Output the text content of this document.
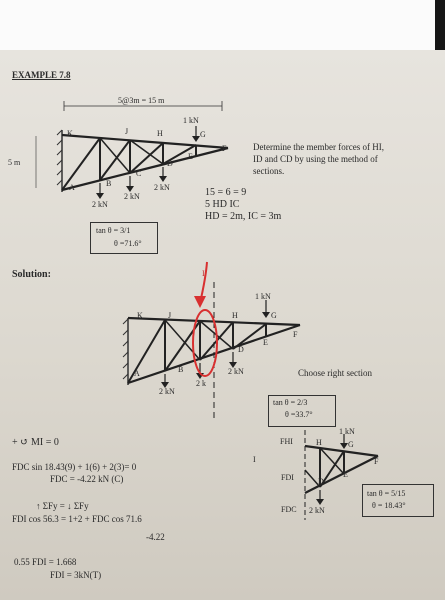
EXAMPLE 7.8
5@3m = 15 m
5 m
1 kN
K	J	H	G
F
E
D
C
B
A	2 kN
2 kN
2 kN
Determine the member forces of HI,
ID and CD by using the method of
sections.
15 = 6 = 9
5 HD IC
HD = 2m, IC = 3m
tan θ = 3/1
θ =71.6°
Solution:
1 kN
2 kN
2 kN
2 k
K	J	H	G
F
E
D
B
A
I
Choose right section
tan θ = 2/3
θ =33.7°
FHI
FDI
FDC
I
1 kN
2 kN
G
H
F
E
D
tan θ = 5/15
θ = 18.43°
+ ↺ MI = 0
FDC sin 18.43(9) + 1(6) + 2(3)= 0
FDC = -4.22 kN (C)
↑ ΣFy = ↓ ΣFy
FDI cos 56.3 = 1+2 + FDC cos 71.6
-4.22
0.55 FDI = 1.668
FDI = 3kN(T)
